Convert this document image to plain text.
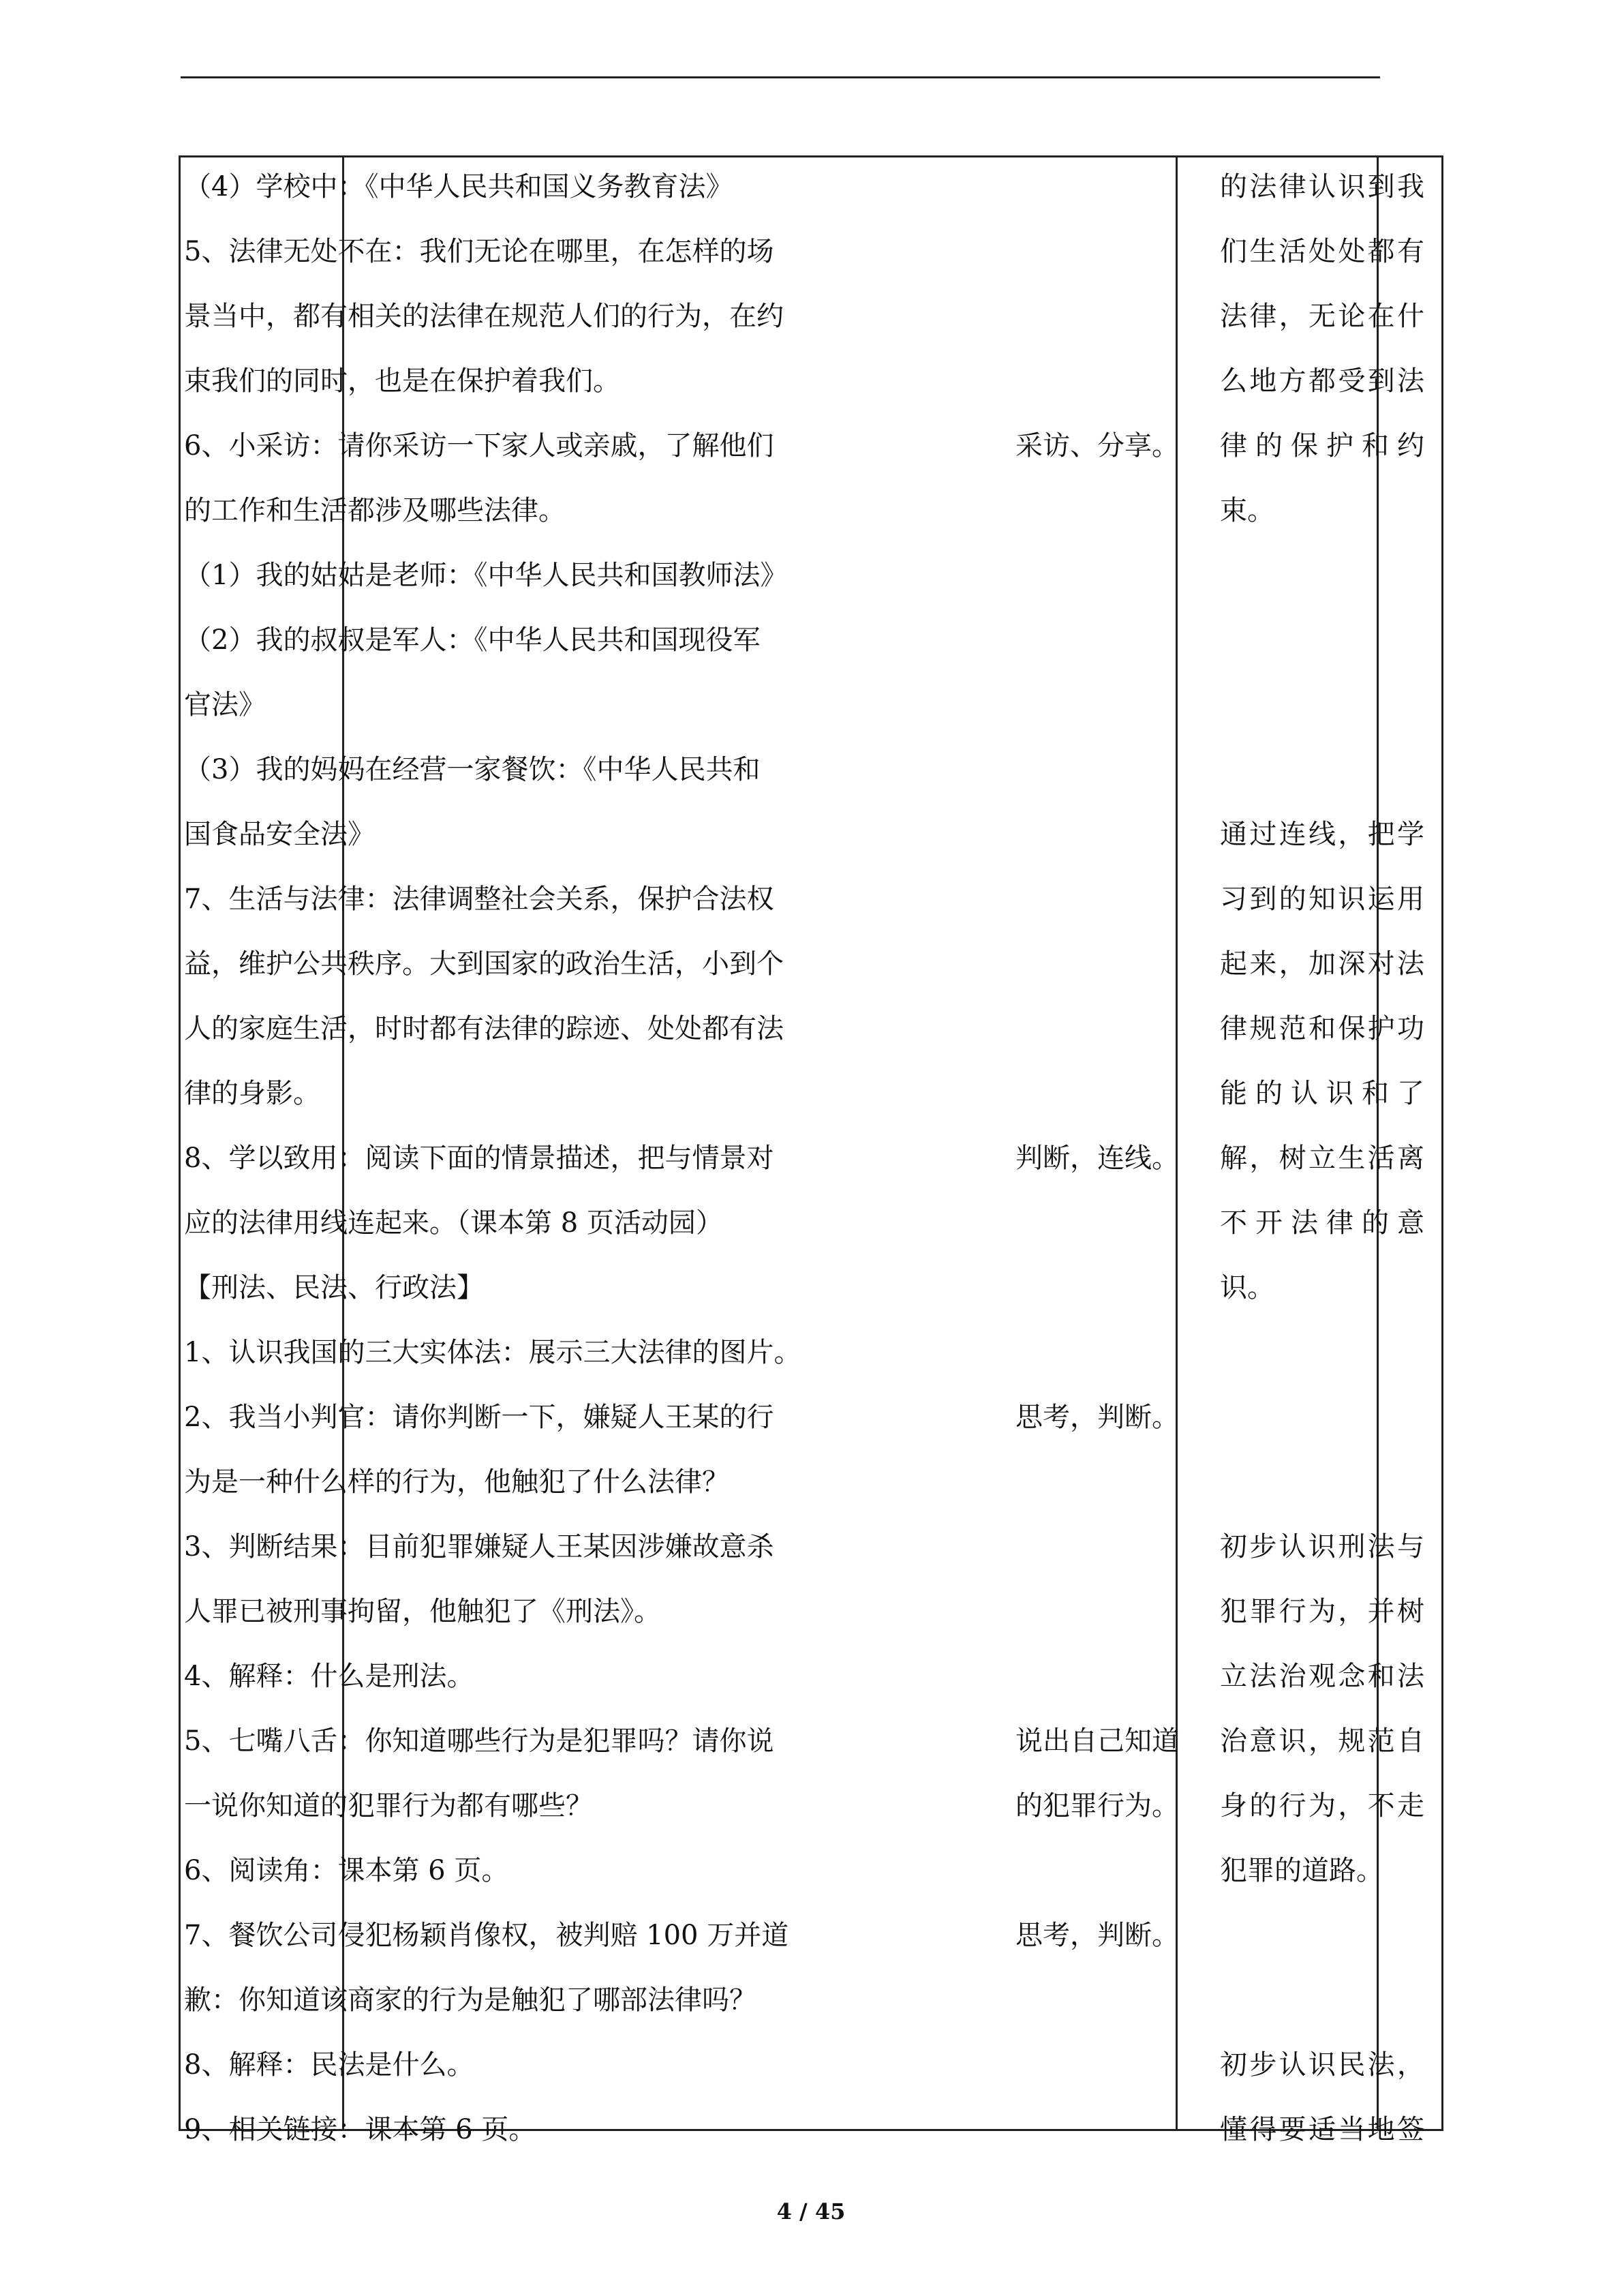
（4）学校中：《中华人民共和国义务教育法》
5、法律无处不在：我们无论在哪里，在怎样的场
景当中，都有相关的法律在规范人们的行为，在约
束我们的同时，也是在保护着我们。
6、小采访：请你采访一下家人或亲戚，了解他们
的工作和生活都涉及哪些法律。
（1）我的姑姑是老师：《中华人民共和国教师法》
（2）我的叔叔是军人：《中华人民共和国现役军
官法》
（3）我的妈妈在经营一家餐饮：《中华人民共和
国食品安全法》
7、生活与法律：法律调整社会关系，保护合法权
益，维护公共秩序。大到国家的政治生活，小到个
人的家庭生活，时时都有法律的踪迹、处处都有法
律的身影。
8、学以致用：阅读下面的情景描述，把与情景对
应的法律用线连起来。（课本第 8 页活动园）
【刑法、民法、行政法】
1、认识我国的三大实体法：展示三大法律的图片。
2、我当小判官：请你判断一下，嫌疑人王某的行
为是一种什么样的行为，他触犯了什么法律？
3、判断结果：目前犯罪嫌疑人王某因涉嫌故意杀
人罪已被刑事拘留，他触犯了《刑法》。
4、解释：什么是刑法。
5、七嘴八舌：你知道哪些行为是犯罪吗？请你说
一说你知道的犯罪行为都有哪些？
6、阅读角：课本第 6 页。
7、餐饮公司侵犯杨颖肖像权，被判赔 100 万并道
歉：你知道该商家的行为是触犯了哪部法律吗？
8、解释：民法是什么。
9、相关链接：课本第 6 页。
采访、分享。
判断，连线。
思考，判断。
说出自己知道
的犯罪行为。
思考，判断。
的法律认识到我
们生活处处都有
法律，无论在什
么地方都受到法
律的保护和约
束。
通过连线，把学
习到的知识运用
起来，加深对法
律规范和保护功
能的认识和了
解，树立生活离
不开法律的意
识。
初步认识刑法与
犯罪行为，并树
立法治观念和法
治意识，规范自
身的行为，不走
犯罪的道路。
初步认识民法，
懂得要适当地签
4 / 45
